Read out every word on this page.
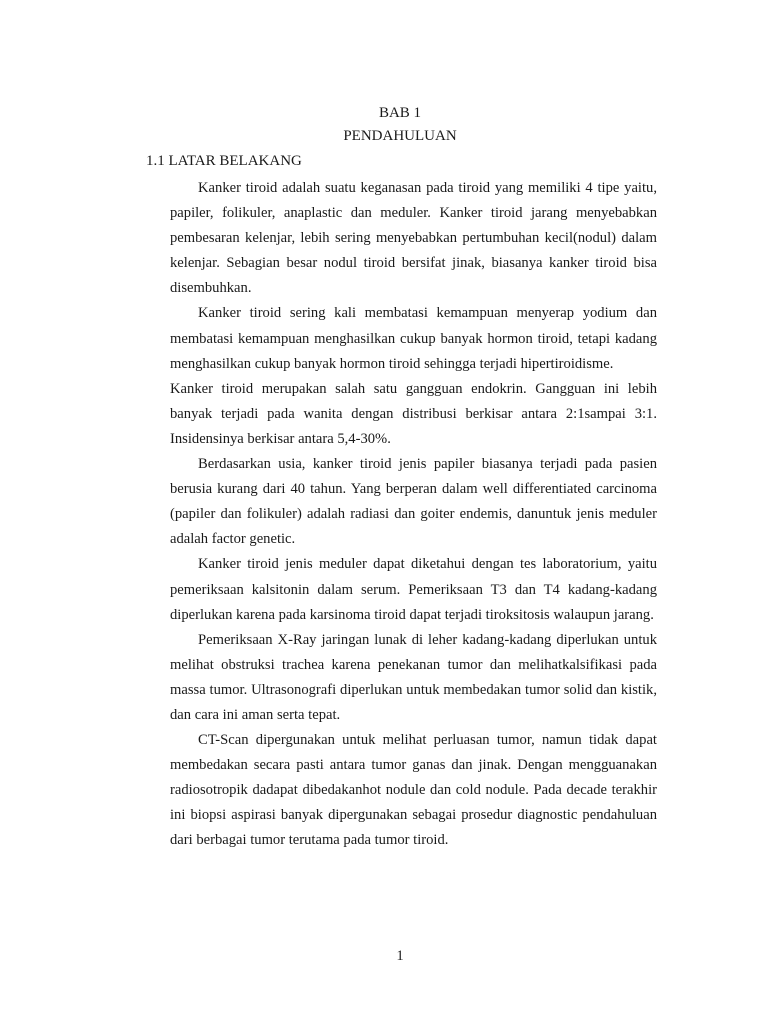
BAB 1
PENDAHULUAN
1.1 LATAR BELAKANG

Kanker tiroid adalah suatu keganasan pada tiroid yang memiliki 4 tipe yaitu, papiler, folikuler, anaplastic dan meduler. Kanker tiroid jarang menyebabkan pembesaran kelenjar, lebih sering menyebabkan pertumbuhan kecil(nodul) dalam kelenjar. Sebagian besar nodul tiroid bersifat jinak, biasanya kanker tiroid bisa disembuhkan.

Kanker tiroid sering kali membatasi kemampuan menyerap yodium dan membatasi kemampuan menghasilkan cukup banyak hormon tiroid, tetapi kadang menghasilkan cukup banyak hormon tiroid sehingga terjadi hipertiroidisme.

Kanker tiroid merupakan salah satu gangguan endokrin. Gangguan ini lebih banyak terjadi pada wanita dengan distribusi berkisar antara 2:1sampai 3:1. Insidensinya berkisar antara 5,4-30%.

Berdasarkan usia, kanker tiroid jenis papiler biasanya terjadi pada pasien berusia kurang dari 40 tahun. Yang berperan dalam well differentiated carcinoma (papiler dan folikuler) adalah radiasi dan goiter endemis, danuntuk jenis meduler adalah factor genetic.

Kanker tiroid jenis meduler dapat diketahui dengan tes laboratorium, yaitu pemeriksaan kalsitonin dalam serum. Pemeriksaan T3 dan T4 kadang-kadang diperlukan karena pada karsinoma tiroid dapat terjadi tiroksitosis walaupun jarang.

Pemeriksaan X-Ray jaringan lunak di leher kadang-kadang diperlukan untuk melihat obstruksi trachea karena penekanan tumor dan melihatkalsifikasi pada massa tumor. Ultrasonografi diperlukan untuk membedakan tumor solid dan kistik, dan cara ini aman serta tepat.

CT-Scan dipergunakan untuk melihat perluasan tumor, namun tidak dapat membedakan secara pasti antara tumor ganas dan jinak. Dengan mengguanakan radiosotropik dadapat dibedakanhot nodule dan cold nodule. Pada decade terakhir ini biopsi aspirasi banyak dipergunakan sebagai prosedur diagnostic pendahuluan dari berbagai tumor terutama pada tumor tiroid.

1
